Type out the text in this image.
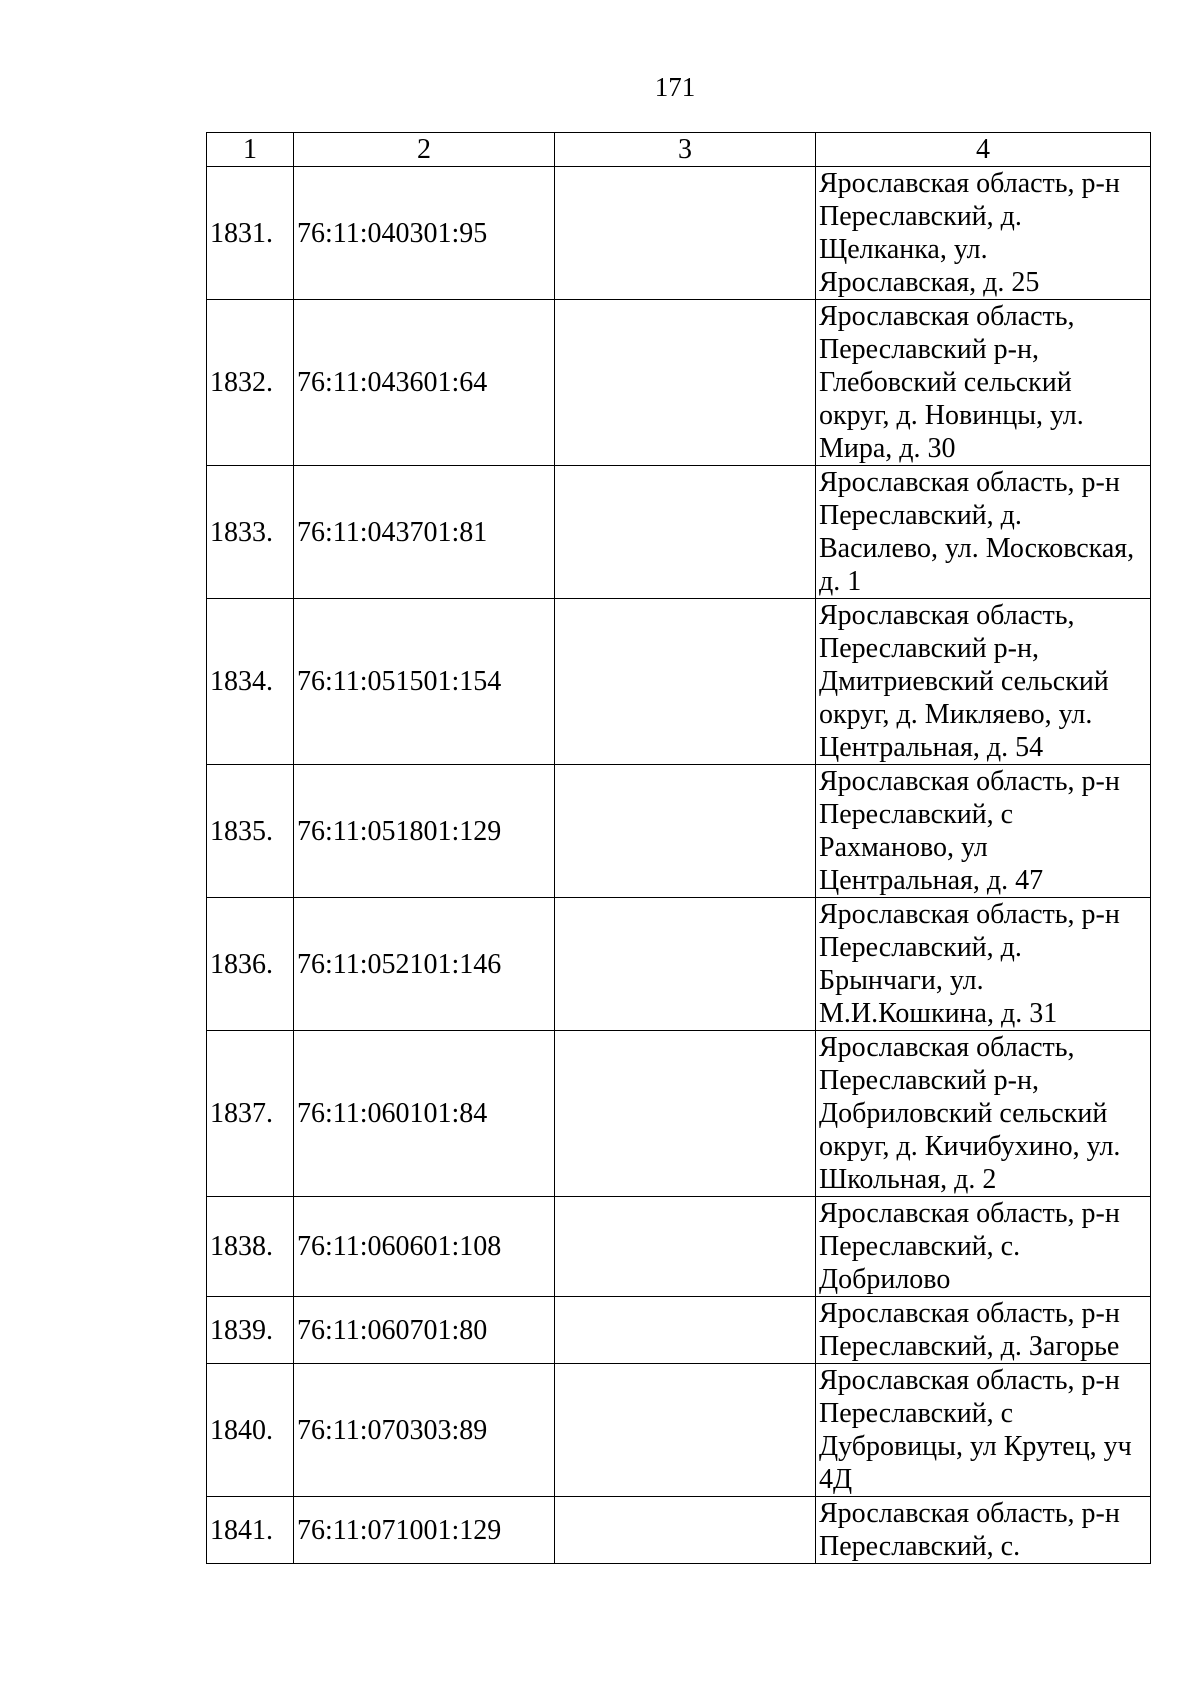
171
1	2	3	4
1831.	76:11:040301:95		Ярославская область, р-н
Переславский, д.
Щелканка, ул.
Ярославская, д. 25

1832.	76:11:043601:64		Ярославская область,
Переславский р-н,
Глебовский сельский
округ, д. Новинцы, ул.
Мира, д. 30

1833.	76:11:043701:81		Ярославская область, р-н
Переславский, д.
Василево, ул. Московская,
д. 1

1834.	76:11:051501:154		Ярославская область,
Переславский р-н,
Дмитриевский сельский
округ, д. Микляево, ул.
Центральная, д. 54

1835.	76:11:051801:129		Ярославская область, р-н
Переславский, с
Рахманово, ул
Центральная, д. 47

1836.	76:11:052101:146		Ярославская область, р-н
Переславский, д.
Брынчаги, ул.
М.И.Кошкина, д. 31

1837.	76:11:060101:84		Ярославская область,
Переславский р-н,
Добриловский сельский
округ, д. Кичибухино, ул.
Школьная, д. 2

1838.	76:11:060601:108		Ярославская область, р-н
Переславский, с.
Добрилово

1839.	76:11:060701:80		Ярославская область, р-н
Переславский, д. Загорье

1840.	76:11:070303:89		Ярославская область, р-н
Переславский, с
Дубровицы, ул Крутец, уч
4Д

1841.	76:11:071001:129		Ярославская область, р-н
Переславский, с.
